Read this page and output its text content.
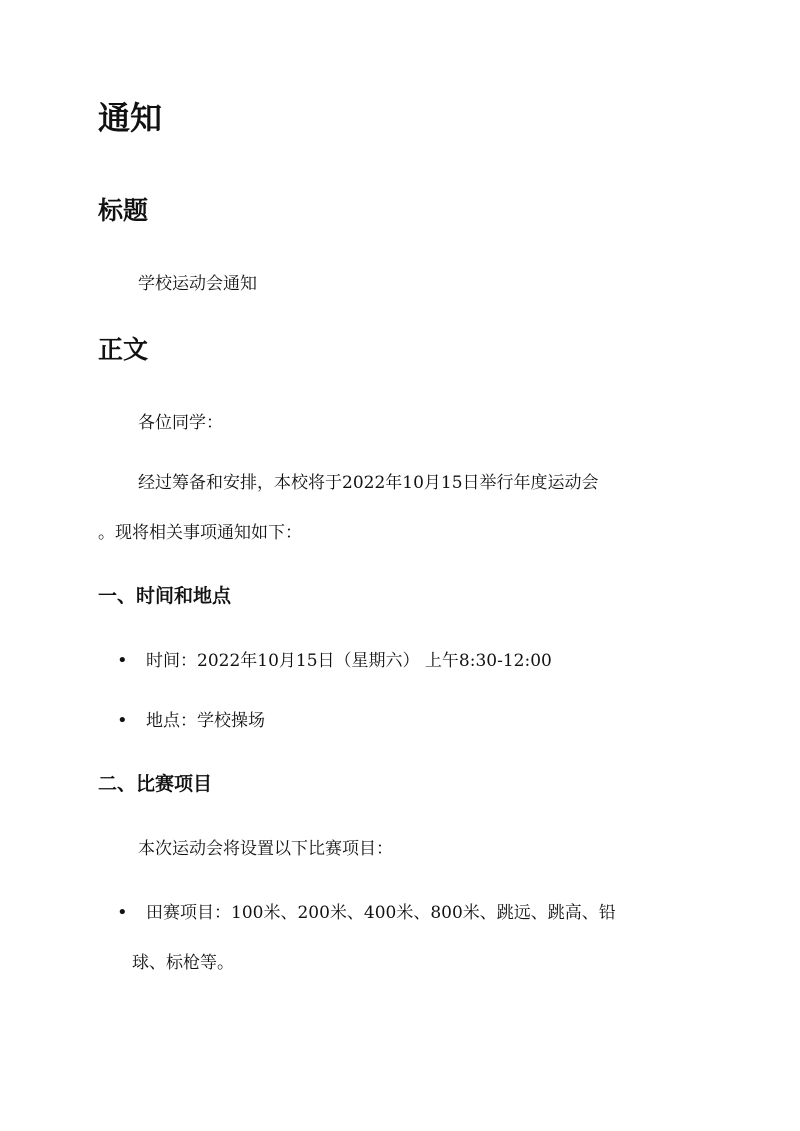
通知
标题
学校运动会通知
正文
各位同学：
经过筹备和安排，本校将于2022年10月15日举行年度运动会
。现将相关事项通知如下：
一、时间和地点
• 时间：2022年10月15日（星期六） 上午8:30-12:00
• 地点：学校操场
二、比赛项目
本次运动会将设置以下比赛项目：
• 田赛项目：100米、200米、400米、800米、跳远、跳高、铅
球、标枪等。
